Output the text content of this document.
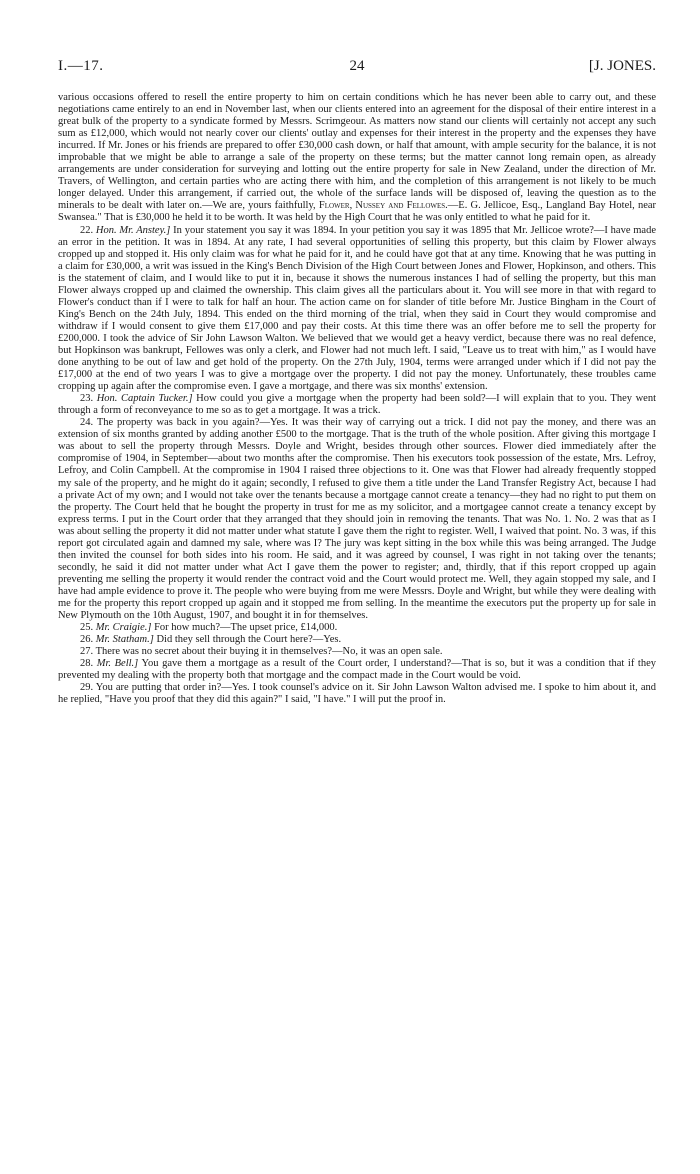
I.—17.	24	[J. JONES.

various occasions offered to resell the entire property to him on certain conditions which he has never been able to carry out, and these negotiations came entirely to an end in November last, when our clients entered into an agreement for the disposal of their entire interest in a great bulk of the property to a syndicate formed by Messrs. Scrimgeour. As matters now stand our clients will certainly not accept any such sum as £12,000, which would not nearly cover our clients' outlay and expenses for their interest in the property and the expenses they have incurred. If Mr. Jones or his friends are prepared to offer £30,000 cash down, or half that amount, with ample security for the balance, it is not improbable that we might be able to arrange a sale of the property on these terms; but the matter cannot long remain open, as already arrangements are under consideration for surveying and lotting out the entire property for sale in New Zealand, under the direction of Mr. Travers, of Wellington, and certain parties who are acting there with him, and the completion of this arrangement is not likely to be much longer delayed. Under this arrangement, if carried out, the whole of the surface lands will be disposed of, leaving the question as to the minerals to be dealt with later on.—We are, yours faithfully, Flower, Nussey and Fellowes.—E. G. Jellicoe, Esq., Langland Bay Hotel, near Swansea." That is £30,000 he held it to be worth. It was held by the High Court that he was only entitled to what he paid for it.

22. Hon. Mr. Anstey.] In your statement you say it was 1894. In your petition you say it was 1895 that Mr. Jellicoe wrote?—I have made an error in the petition. It was in 1894. At any rate, I had several opportunities of selling this property, but this claim by Flower always cropped up and stopped it. His only claim was for what he paid for it, and he could have got that at any time. Knowing that he was putting in a claim for £30,000, a writ was issued in the King's Bench Division of the High Court between Jones and Flower, Hopkinson, and others. This is the statement of claim, and I would like to put it in, because it shows the numerous instances I had of selling the property, but this man Flower always cropped up and claimed the ownership. This claim gives all the particulars about it. You will see more in that with regard to Flower's conduct than if I were to talk for half an hour. The action came on for slander of title before Mr. Justice Bingham in the Court of King's Bench on the 24th July, 1894. This ended on the third morning of the trial, when they said in Court they would compromise and withdraw if I would consent to give them £17,000 and pay their costs. At this time there was an offer before me to sell the property for £200,000. I took the advice of Sir John Lawson Walton. We believed that we would get a heavy verdict, because there was no real defence, but Hopkinson was bankrupt, Fellowes was only a clerk, and Flower had not much left. I said, "Leave us to treat with him," as I would have done anything to be out of law and get hold of the property. On the 27th July, 1904, terms were arranged under which if I did not pay the £17,000 at the end of two years I was to give a mortgage over the property. I did not pay the money. Unfortunately, these troubles came cropping up again after the compromise even. I gave a mortgage, and there was six months' extension.

23. Hon. Captain Tucker.] How could you give a mortgage when the property had been sold?—I will explain that to you. They went through a form of reconveyance to me so as to get a mortgage. It was a trick.

24. The property was back in you again?—Yes. It was their way of carrying out a trick. I did not pay the money, and there was an extension of six months granted by adding another £500 to the mortgage. That is the truth of the whole position. After giving this mortgage I was about to sell the property through Messrs. Doyle and Wright, besides through other sources. Flower died immediately after the compromise of 1904, in September—about two months after the compromise. Then his executors took possession of the estate, Mrs. Lefroy, Lefroy, and Colin Campbell. At the compromise in 1904 I raised three objections to it. One was that Flower had already frequently stopped my sale of the property, and he might do it again; secondly, I refused to give them a title under the Land Transfer Registry Act, because I had a private Act of my own; and I would not take over the tenants because a mortgage cannot create a tenancy—they had no right to put them on the property. The Court held that he bought the property in trust for me as my solicitor, and a mortgagee cannot create a tenancy except by express terms. I put in the Court order that they arranged that they should join in removing the tenants. That was No. 1. No. 2 was that as I was about selling the property it did not matter under what statute I gave them the right to register. Well, I waived that point. No. 3 was, if this report got circulated again and damned my sale, where was I? The jury was kept sitting in the box while this was being arranged. The Judge then invited the counsel for both sides into his room. He said, and it was agreed by counsel, I was right in not taking over the tenants; secondly, he said it did not matter under what Act I gave them the power to register; and, thirdly, that if this report cropped up again preventing me selling the property it would render the contract void and the Court would protect me. Well, they again stopped my sale, and I have had ample evidence to prove it. The people who were buying from me were Messrs. Doyle and Wright, but while they were dealing with me for the property this report cropped up again and it stopped me from selling. In the meantime the executors put the property up for sale in New Plymouth on the 10th August, 1907, and bought it in for themselves.

25. Mr. Craigie.] For how much?—The upset price, £14,000.

26. Mr. Statham.] Did they sell through the Court here?—Yes.

27. There was no secret about their buying it in themselves?—No, it was an open sale.

28. Mr. Bell.] You gave them a mortgage as a result of the Court order, I understand?—That is so, but it was a condition that if they prevented my dealing with the property both that mortgage and the compact made in the Court would be void.

29. You are putting that order in?—Yes. I took counsel's advice on it. Sir John Lawson Walton advised me. I spoke to him about it, and he replied, "Have you proof that they did this again?" I said, "I have." I will put the proof in.
